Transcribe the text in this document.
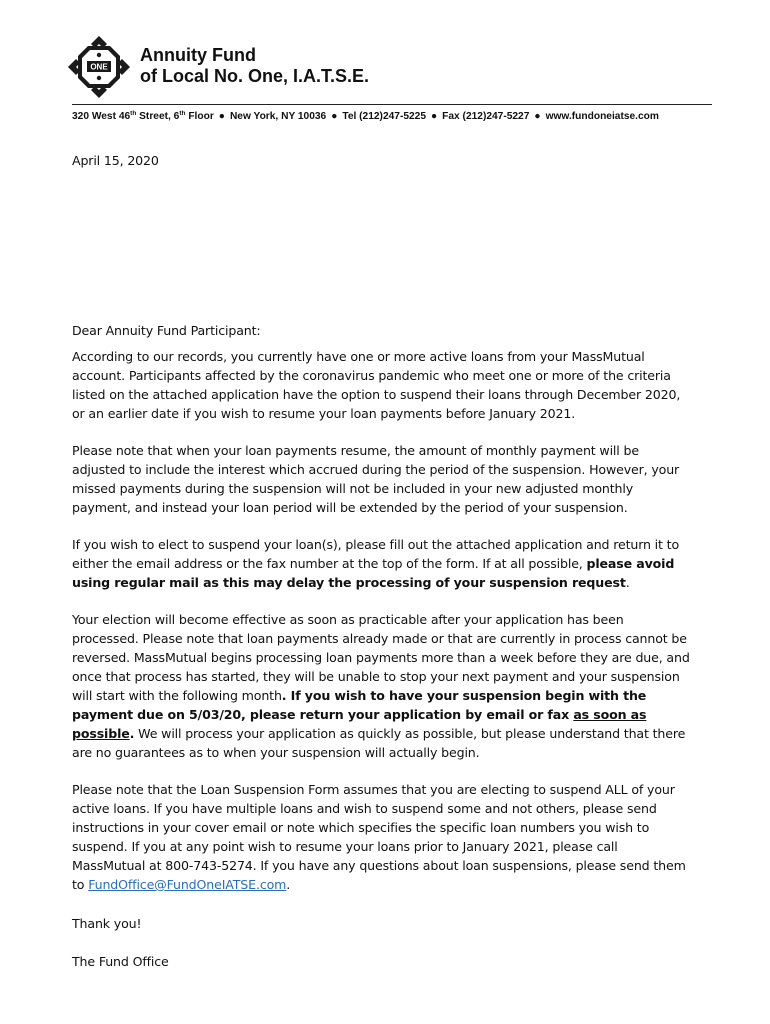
ONE
Annuity Fund
of Local No. One, I.A.T.S.E.
320 West 46th Street, 6th Floor ● New York, NY 10036 ● Tel (212)247-5225 ● Fax (212)247-5227 ● www.fundoneiatse.com
April 15, 2020
Dear Annuity Fund Participant:

According to our records, you currently have one or more active loans from your MassMutual account. Participants affected by the coronavirus pandemic who meet one or more of the criteria listed on the attached application have the option to suspend their loans through December 2020, or an earlier date if you wish to resume your loan payments before January 2021.

Please note that when your loan payments resume, the amount of monthly payment will be adjusted to include the interest which accrued during the period of the suspension. However, your missed payments during the suspension will not be included in your new adjusted monthly payment, and instead your loan period will be extended by the period of your suspension.

If you wish to elect to suspend your loan(s), please fill out the attached application and return it to either the email address or the fax number at the top of the form. If at all possible, please avoid using regular mail as this may delay the processing of your suspension request.

Your election will become effective as soon as practicable after your application has been processed. Please note that loan payments already made or that are currently in process cannot be reversed. MassMutual begins processing loan payments more than a week before they are due, and once that process has started, they will be unable to stop your next payment and your suspension will start with the following month. If you wish to have your suspension begin with the payment due on 5/03/20, please return your application by email or fax as soon as possible. We will process your application as quickly as possible, but please understand that there are no guarantees as to when your suspension will actually begin.

Please note that the Loan Suspension Form assumes that you are electing to suspend ALL of your active loans. If you have multiple loans and wish to suspend some and not others, please send instructions in your cover email or note which specifies the specific loan numbers you wish to suspend. If you at any point wish to resume your loans prior to January 2021, please call MassMutual at 800-743-5274. If you have any questions about loan suspensions, please send them to FundOffice@FundOneIATSE.com.

Thank you!
The Fund Office
